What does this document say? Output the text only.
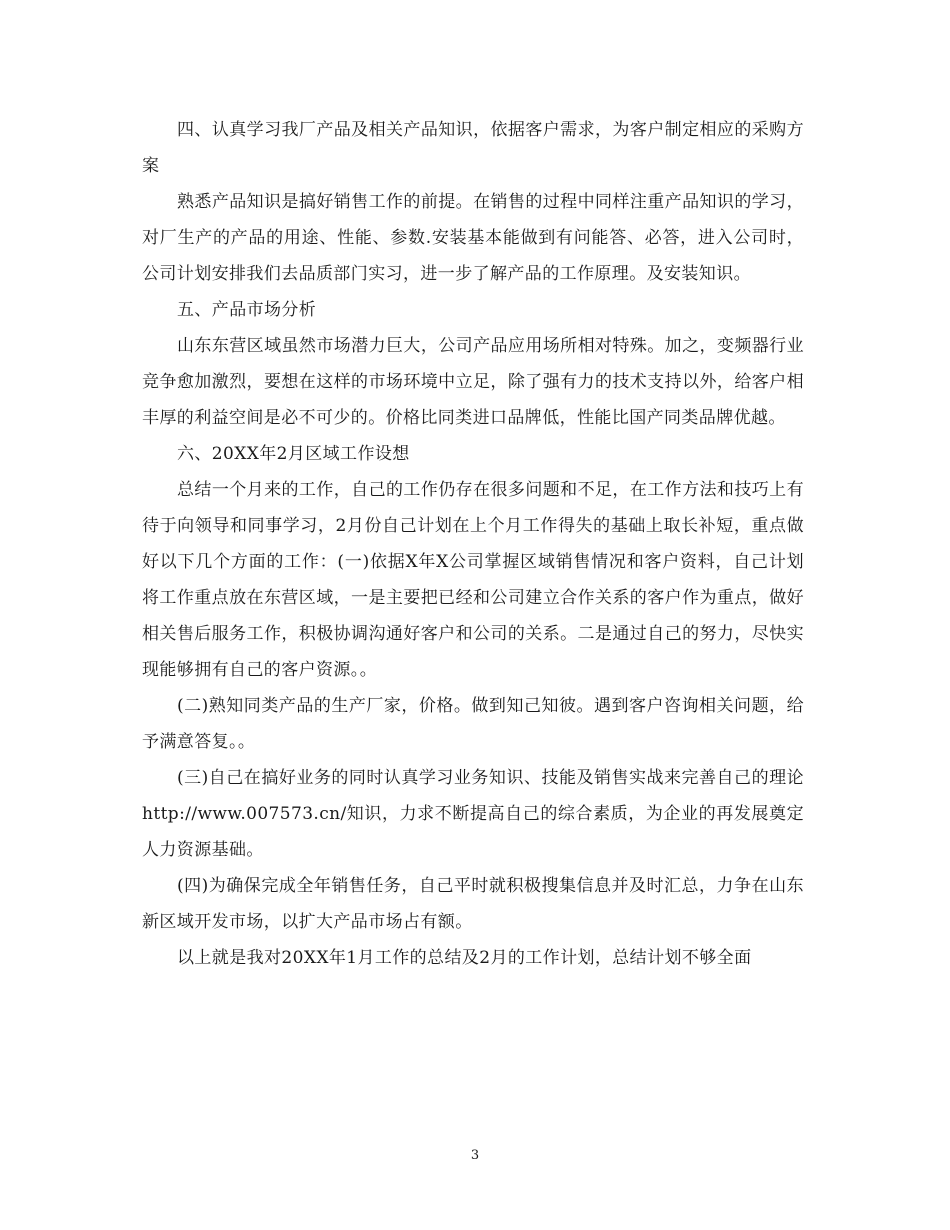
四、认真学习我厂产品及相关产品知识，依据客户需求，为客户制定相应的采购方案

熟悉产品知识是搞好销售工作的前提。在销售的过程中同样注重产品知识的学习，对厂生产的产品的用途、性能、参数.安装基本能做到有问能答、必答，进入公司时，公司计划安排我们去品质部门实习，进一步了解产品的工作原理。及安装知识。

五、产品市场分析

山东东营区域虽然市场潜力巨大，公司产品应用场所相对特殊。加之，变频器行业竞争愈加激烈，要想在这样的市场环境中立足，除了强有力的技术支持以外，给客户相丰厚的利益空间是必不可少的。价格比同类进口品牌低，性能比国产同类品牌优越。

六、20XX年2月区域工作设想

总结一个月来的工作，自己的工作仍存在很多问题和不足，在工作方法和技巧上有待于向领导和同事学习，2月份自己计划在上个月工作得失的基础上取长补短，重点做好以下几个方面的工作：(一)依据X年X公司掌握区域销售情况和客户资料，自己计划将工作重点放在东营区域，一是主要把已经和公司建立合作关系的客户作为重点，做好相关售后服务工作，积极协调沟通好客户和公司的关系。二是通过自己的努力，尽快实现能够拥有自己的客户资源。。

(二)熟知同类产品的生产厂家，价格。做到知己知彼。遇到客户咨询相关问题，给予满意答复。。

(三)自己在搞好业务的同时认真学习业务知识、技能及销售实战来完善自己的理论http://www.007573.cn/知识，力求不断提高自己的综合素质，为企业的再发展奠定人力资源基础。

(四)为确保完成全年销售任务，自己平时就积极搜集信息并及时汇总，力争在山东新区域开发市场，以扩大产品市场占有额。

以上就是我对20XX年1月工作的总结及2月的工作计划，总结计划不够全面

3
